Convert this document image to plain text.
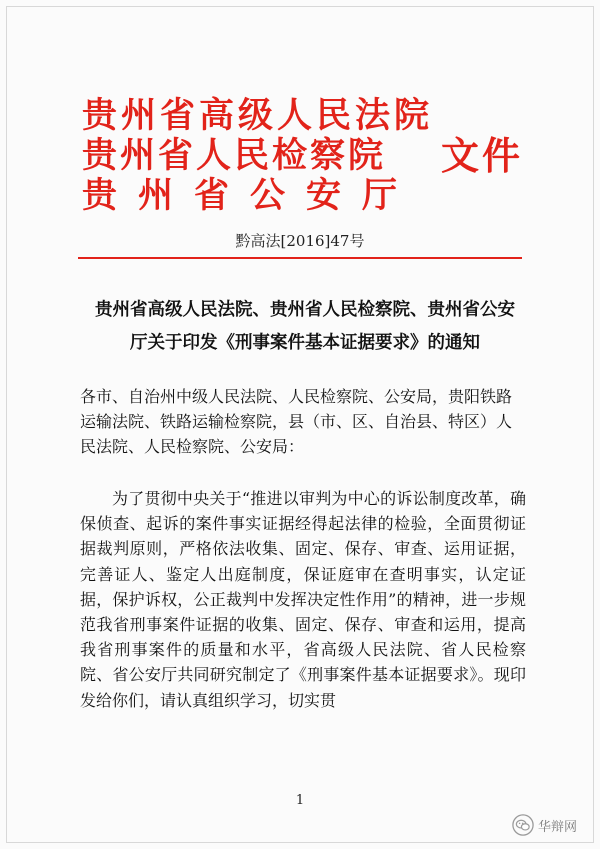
贵州省高级人民法院
贵州省人民检察院
贵州省公安厅
文件
黔高法[2016]47号
贵州省高级人民法院、贵州省人民检察院、贵州省公安厅关于印发《刑事案件基本证据要求》的通知
各市、自治州中级人民法院、人民检察院、公安局，贵阳铁路运输法院、铁路运输检察院，县（市、区、自治县、特区）人民法院、人民检察院、公安局：
为了贯彻中央关于“推进以审判为中心的诉讼制度改革，确保侦查、起诉的案件事实证据经得起法律的检验，全面贯彻证据裁判原则，严格依法收集、固定、保存、审查、运用证据，完善证人、鉴定人出庭制度，保证庭审在查明事实，认定证据，保护诉权，公正裁判中发挥决定性作用”的精神，进一步规范我省刑事案件证据的收集、固定、保存、审查和运用，提高我省刑事案件的质量和水平，省高级人民法院、省人民检察院、省公安厅共同研究制定了《刑事案件基本证据要求》。现印发给你们，请认真组织学习，切实贯
1
华辩网
